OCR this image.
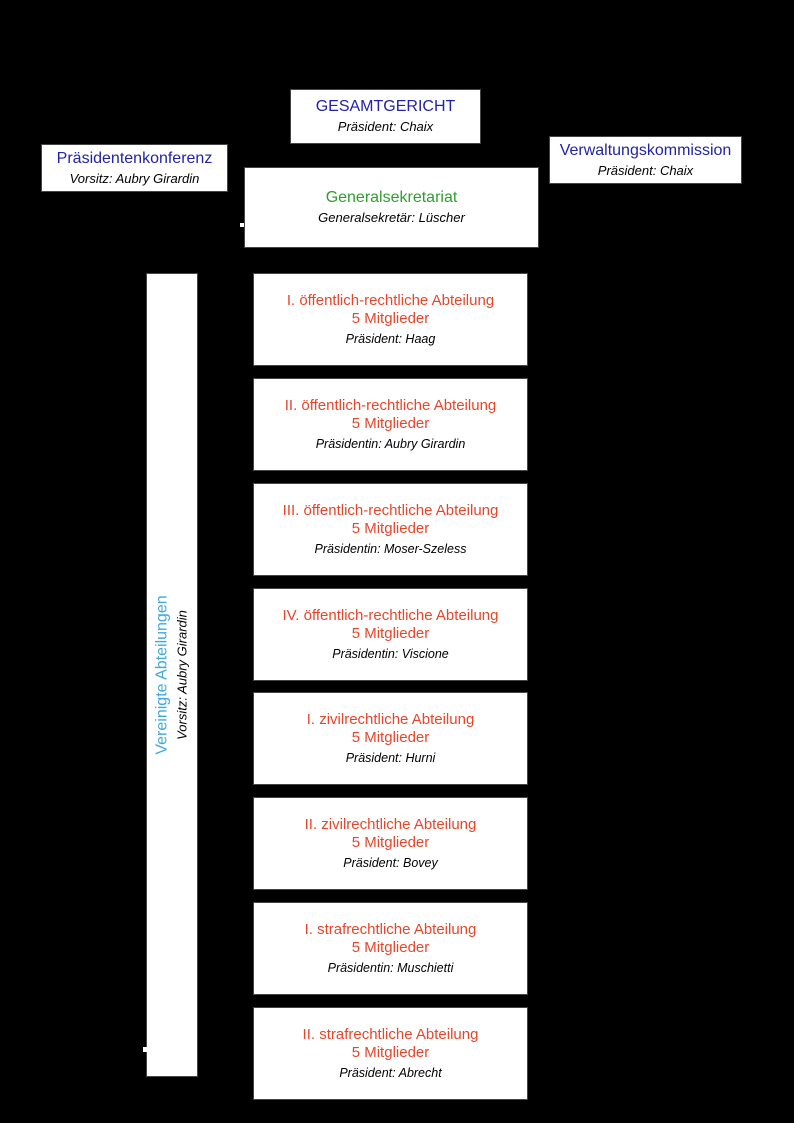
GESAMTGERICHT
Präsident: Chaix
Präsidentenkonferenz
Vorsitz: Aubry Girardin
Verwaltungskommission
Präsident: Chaix
Generalsekretariat
Generalsekretär: Lüscher
Vereinigte Abteilungen Vorsitz: Aubry Girardin
I. öffentlich-rechtliche Abteilung
5 Mitglieder
Präsident: Haag
II. öffentlich-rechtliche Abteilung
5 Mitglieder
Präsidentin: Aubry Girardin
III. öffentlich-rechtliche Abteilung
5 Mitglieder
Präsidentin: Moser-Szeless
IV. öffentlich-rechtliche Abteilung
5 Mitglieder
Präsidentin: Viscione
I. zivilrechtliche Abteilung
5 Mitglieder
Präsident: Hurni
II. zivilrechtliche Abteilung
5 Mitglieder
Präsident: Bovey
I. strafrechtliche Abteilung
5 Mitglieder
Präsidentin: Muschietti
II. strafrechtliche Abteilung
5 Mitglieder
Präsident: Abrecht
